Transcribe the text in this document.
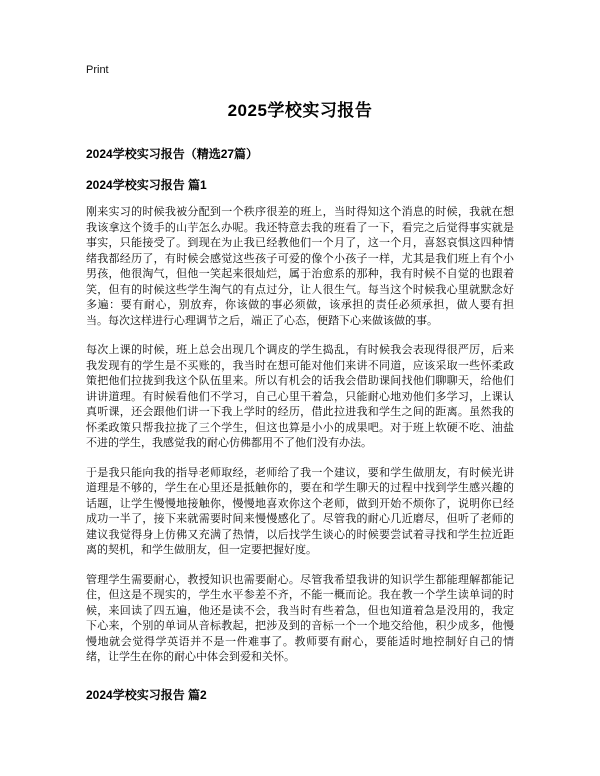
Print
2025学校实习报告
2024学校实习报告（精选27篇）
2024学校实习报告 篇1

刚来实习的时候我被分配到一个秩序很差的班上，当时得知这个消息的时候，我就在想我该拿这个烫手的山芋怎么办呢。我还特意去我的班看了一下，看完之后觉得事实就是事实，只能接受了。到现在为止我已经教他们一个月了，这一个月，喜怒哀惧这四种情绪我都经历了，有时候会感觉这些孩子可爱的像个小孩子一样，尤其是我们班上有个小男孩，他很淘气，但他一笑起来很灿烂，属于治愈系的那种，我有时候不自觉的也跟着笑，但有的时候这些学生淘气的有点过分，让人很生气。每当这个时候我心里就默念好多遍：要有耐心，别放弃，你该做的事必须做，该承担的责任必须承担，做人要有担当。每次这样进行心理调节之后，端正了心态，便踏下心来做该做的事。

每次上课的时候，班上总会出现几个调皮的学生捣乱，有时候我会表现得很严厉，后来我发现有的学生是不买账的，我当时在想可能对他们来讲不同道，应该采取一些怀柔政策把他们拉拢到我这个队伍里来。所以有机会的话我会借助课间找他们聊聊天，给他们讲讲道理。有时候看他们不学习，自己心里干着急，只能耐心地劝他们多学习，上课认真听课，还会跟他们讲一下我上学时的经历，借此拉进我和学生之间的距离。虽然我的怀柔政策只帮我拉拢了三个学生，但这也算是小小的成果吧。对于班上软硬不吃、油盐不进的学生，我感觉我的耐心仿佛都用不了他们没有办法。

于是我只能向我的指导老师取经，老师给了我一个建议，要和学生做朋友，有时候光讲道理是不够的，学生在心里还是抵触你的，要在和学生聊天的过程中找到学生感兴趣的话题，让学生慢慢地接触你，慢慢地喜欢你这个老师，做到开始不烦你了，说明你已经成功一半了，接下来就需要时间来慢慢感化了。尽管我的耐心几近磨尽，但听了老师的建议我觉得身上仿佛又充满了热情，以后找学生谈心的时候要尝试着寻找和学生拉近距离的契机，和学生做朋友，但一定要把握好度。

管理学生需要耐心，教授知识也需要耐心。尽管我希望我讲的知识学生都能理解都能记住，但这是不现实的，学生水平参差不齐，不能一概而论。我在教一个学生读单词的时候，来回读了四五遍，他还是读不会，我当时有些着急，但也知道着急是没用的，我定下心来，个别的单词从音标教起，把涉及到的音标一个一个地交给他，积少成多，他慢慢地就会觉得学英语并不是一件难事了。教师要有耐心，要能适时地控制好自己的情绪，让学生在你的耐心中体会到爱和关怀。

2024学校实习报告 篇2
